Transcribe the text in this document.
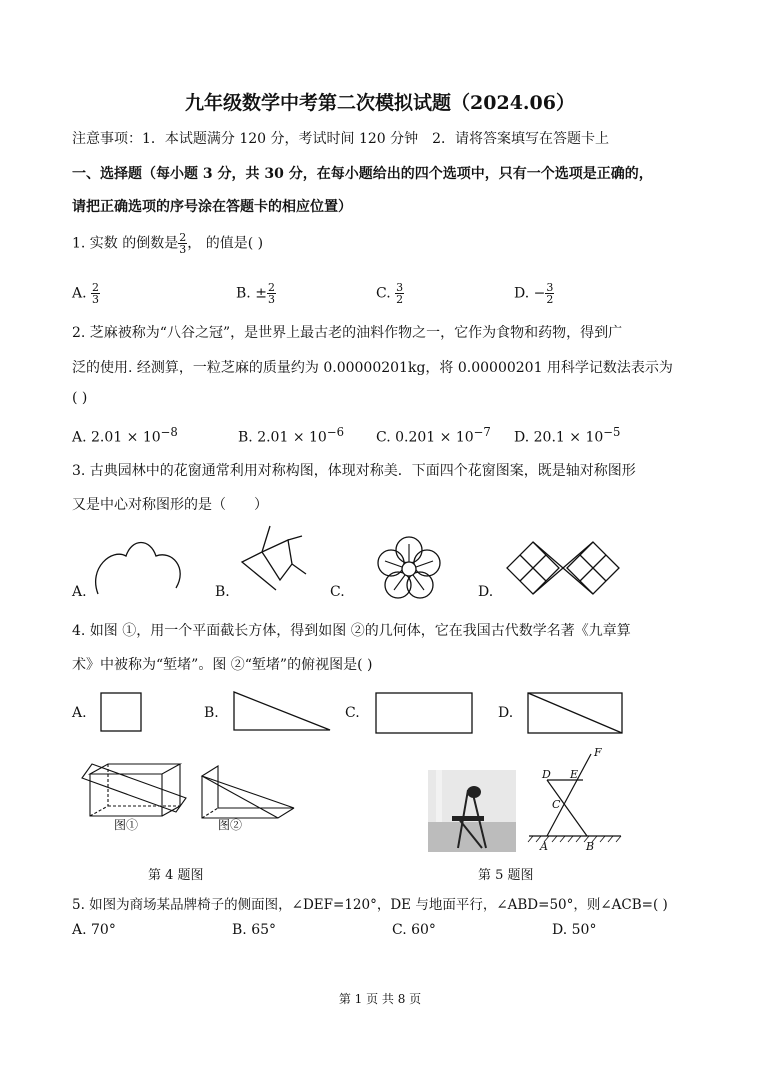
九年级数学中考第二次模拟试题（2024.06）
注意事项：1．本试题满分 120 分，考试时间 120 分钟　2．请将答案填写在答题卡上
一、选择题（每小题 3 分，共 30 分，在每小题给出的四个选项中，只有一个选项是正确的，
请把正确选项的序号涂在答题卡的相应位置）
1. 实数 的倒数是 $\frac{2}{3}$ ， 的值是( )
A. $\frac{2}{3}$	B. ± $\frac{2}{3}$	C. $\frac{3}{2}$	D. − $\frac{3}{2}$
2. 芝麻被称为“八谷之冠”，是世界上最古老的油料作物之一，它作为食物和药物，得到广
泛的使用. 经测算，一粒芝麻的质量约为 0.00000201kg，将 0.00000201 用科学记数法表示为
( )
A. $2.01 \times 10^{-8}$	B. $2.01 \times 10^{-6}$ C. $0.201 \times 10^{-7}$ D. $20.1 \times 10^{-5}$
3. 古典园林中的花窗通常利用对称构图，体现对称美．下面四个花窗图案，既是轴对称图形
又是中心对称图形的是（　　）
A.	B.	C.	D.
4. 如图 ①，用一个平面截长方体，得到如图 ②的几何体，它在我国古代数学名著《九章算
术》中被称为“堑堵”。图 ②“堑堵”的俯视图是( )
A.	B.	C.	D.
图①	图②
F
D E
C
A	B
第 4 题图	第 5 题图
5. 如图为商场某品牌椅子的侧面图，∠DEF=120°，DE 与地面平行，∠ABD=50°，则∠ACB=( )
A. 70°	B. 65°	C. 60°	D. 50°
第 1 页 共 8 页
